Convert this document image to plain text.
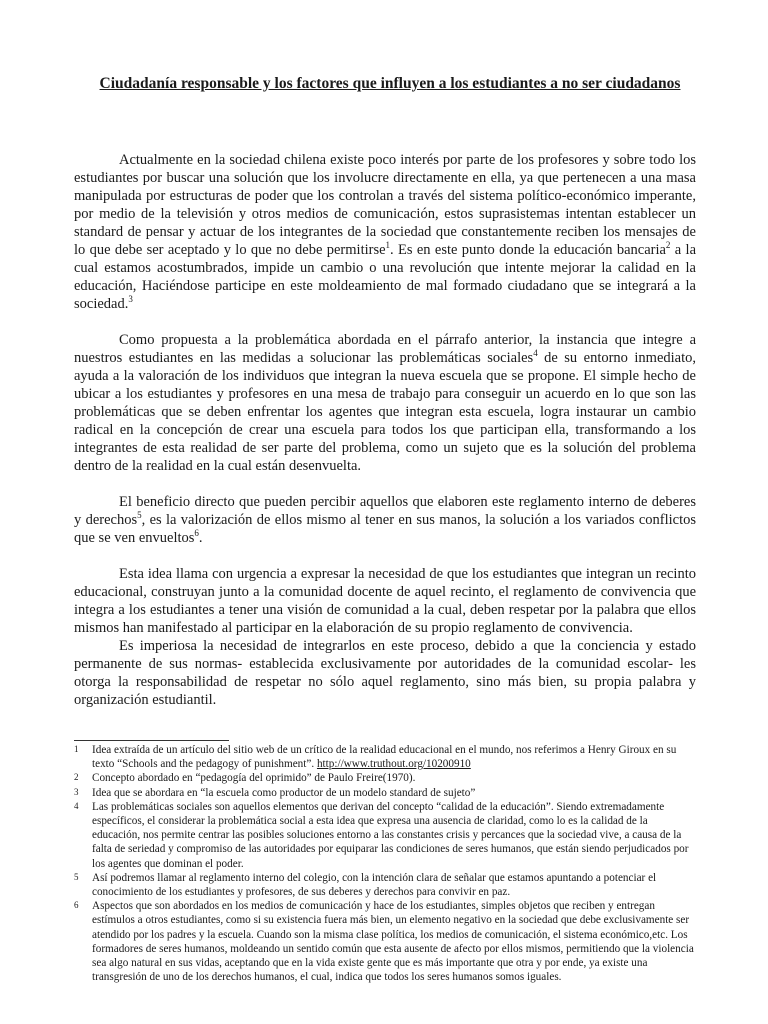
Ciudadanía responsable y los factores que influyen a los estudiantes a no ser ciudadanos

Actualmente en la sociedad chilena existe poco interés por parte de los profesores y sobre todo los estudiantes por buscar una solución que los involucre directamente en ella, ya que pertenecen a una masa manipulada por estructuras de poder que los controlan a través del sistema político-económico imperante, por medio de la televisión y otros medios de comunicación, estos suprasistemas intentan establecer un standard de pensar y actuar de los integrantes de la sociedad que constantemente reciben los mensajes de lo que debe ser aceptado y lo que no debe permitirse$^1$. Es en este punto donde la educación bancaria$^2$ a la cual estamos acostumbrados, impide un cambio o una revolución que intente mejorar la calidad en la educación, Haciéndose participe en este moldeamiento de mal formado ciudadano que se integrará a la sociedad.$^3$

Como propuesta a la problemática abordada en el párrafo anterior, la instancia que integre a nuestros estudiantes en las medidas a solucionar las problemáticas sociales$^4$ de su entorno inmediato, ayuda a la valoración de los individuos que integran la nueva escuela que se propone. El simple hecho de ubicar a los estudiantes y profesores en una mesa de trabajo para conseguir un acuerdo en lo que son las problemáticas que se deben enfrentar los agentes que integran esta escuela, logra instaurar un cambio radical en la concepción de crear una escuela para todos los que participan ella, transformando a los integrantes de esta realidad de ser parte del problema, como un sujeto que es la solución del problema dentro de la realidad en la cual están desenvuelta.

El beneficio directo que pueden percibir aquellos que elaboren este reglamento interno de deberes y derechos$^5$, es la valorización de ellos mismo al tener en sus manos, la solución a los variados conflictos que se ven envueltos$^6$.

Esta idea llama con urgencia a expresar la necesidad de que los estudiantes que integran un recinto educacional, construyan junto a la comunidad docente de aquel recinto, el reglamento de convivencia que integra a los estudiantes a tener una visión de comunidad a la cual, deben respetar por la palabra que ellos mismos han manifestado al participar en la elaboración de su propio reglamento de convivencia.

Es imperiosa la necesidad de integrarlos en este proceso, debido a que la conciencia y estado permanente de sus normas- establecida exclusivamente por autoridades de la comunidad escolar- les otorga la responsabilidad de respetar no sólo aquel reglamento, sino más bien, su propia palabra y organización estudiantil.

1	Idea extraída de un artículo del sitio web de un crítico de la realidad educacional en el mundo, nos referimos a Henry Giroux en su texto “Schools and the pedagogy of punishment”. http://www.truthout.org/10200910
2	Concepto abordado en “pedagogía del oprimido” de Paulo Freire(1970).
3	Idea que se abordara en “la escuela como productor de un modelo standard de sujeto”
4	Las problemáticas sociales son aquellos elementos que derivan del concepto “calidad de la educación”. Siendo extremadamente específicos, el considerar la problemática social a esta idea que expresa una ausencia de claridad, como lo es la calidad de la educación, nos permite centrar las posibles soluciones entorno a las constantes crisis y percances que la sociedad vive, a causa de la falta de seriedad y compromiso de las autoridades por equiparar las condiciones de seres humanos, que están siendo perjudicados por los agentes que dominan el poder.
5	Así podremos llamar al reglamento interno del colegio, con la intención clara de señalar que estamos apuntando a potenciar el conocimiento de los estudiantes y profesores, de sus deberes y derechos para convivir en paz.
6	Aspectos que son abordados en los medios de comunicación y hace de los estudiantes, simples objetos que reciben y entregan estímulos a otros estudiantes, como si su existencia fuera más bien, un elemento negativo en la sociedad que debe exclusivamente ser atendido por los padres y la escuela. Cuando son la misma clase política, los medios de comunicación, el sistema económico,etc. Los formadores de seres humanos, moldeando un sentido común que esta ausente de afecto por ellos mismos, permitiendo que la violencia sea algo natural en sus vidas, aceptando que en la vida existe gente que es más importante que otra y por ende, ya existe una transgresión de uno de los derechos humanos, el cual, indica que todos los seres humanos somos iguales.
